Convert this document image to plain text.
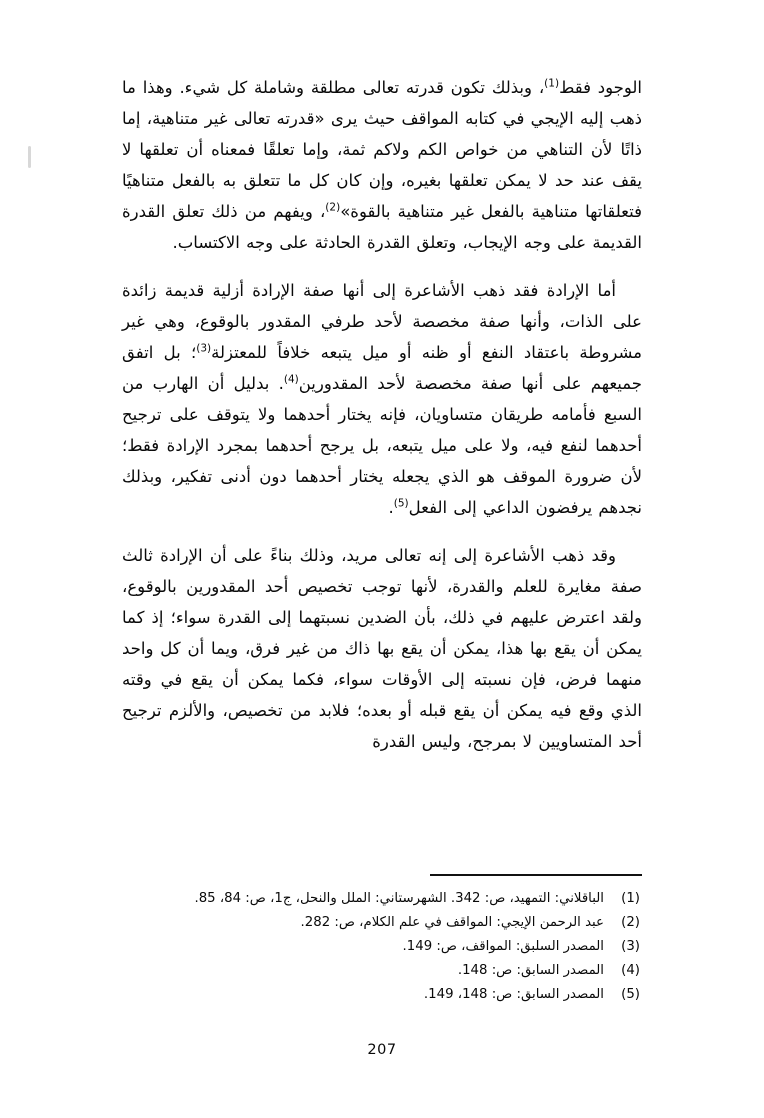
الوجود فقط$^{(1)}$، وبذلك تكون قدرته تعالى مطلقة وشاملة كل شيء. وهذا ما ذهب إليه الإيجي في كتابه المواقف حيث يرى «قدرته تعالى غير متناهية، إما ذاتًا لأن التناهي من خواص الكم ولاكم ثمة، وإما تعلقًا فمعناه أن تعلقها لا يقف عند حد لا يمكن تعلقها بغيره، وإن كان كل ما تتعلق به بالفعل متناهيًا فتعلقاتها متناهية بالفعل غير متناهية بالقوة»$^{(2)}$، ويفهم من ذلك تعلق القدرة القديمة على وجه الإيجاب، وتعلق القدرة الحادثة على وجه الاكتساب.

أما الإرادة فقد ذهب الأشاعرة إلى أنها صفة الإرادة أزلية قديمة زائدة على الذات، وأنها صفة مخصصة لأحد طرفي المقدور بالوقوع، وهي غير مشروطة باعتقاد النفع أو ظنه أو ميل يتبعه خلافاً للمعتزلة$^{(3)}$؛ بل اتفق جميعهم على أنها صفة مخصصة لأحد المقدورين$^{(4)}$. بدليل أن الهارب من السبع فأمامه طريقان متساويان، فإنه يختار أحدهما ولا يتوقف على ترجيح أحدهما لنفع فيه، ولا على ميل يتبعه، بل يرجح أحدهما بمجرد الإرادة فقط؛ لأن ضرورة الموقف هو الذي يجعله يختار أحدهما دون أدنى تفكير، وبذلك نجدهم يرفضون الداعي إلى الفعل$^{(5)}$.

وقد ذهب الأشاعرة إلى إنه تعالى مريد، وذلك بناءً على أن الإرادة ثالث صفة مغايرة للعلم والقدرة، لأنها توجب تخصيص أحد المقدورين بالوقوع، ولقد اعترض عليهم في ذلك، بأن الضدين نسبتهما إلى القدرة سواء؛ إذ كما يمكن أن يقع بها هذا، يمكن أن يقع بها ذاك من غير فرق، ويما أن كل واحد منهما فرض، فإن نسبته إلى الأوقات سواء، فكما يمكن أن يقع في وقته الذي وقع فيه يمكن أن يقع قبله أو بعده؛ فلابد من تخصيص، والألزم ترجيح أحد المتساويين لا بمرجح، وليس القدرة

(1)
الباقلاني: التمهيد، ص: 342. الشهرستاني: الملل والنحل، ج1، ص: 84، 85.
(2)
عبد الرحمن الإيجي: المواقف في علم الكلام، ص: 282.
(3)
المصدر السلبق: المواقف، ص: 149.
(4)
المصدر السابق: ص: 148.
(5)
المصدر السابق: ص: 148، 149.
207
